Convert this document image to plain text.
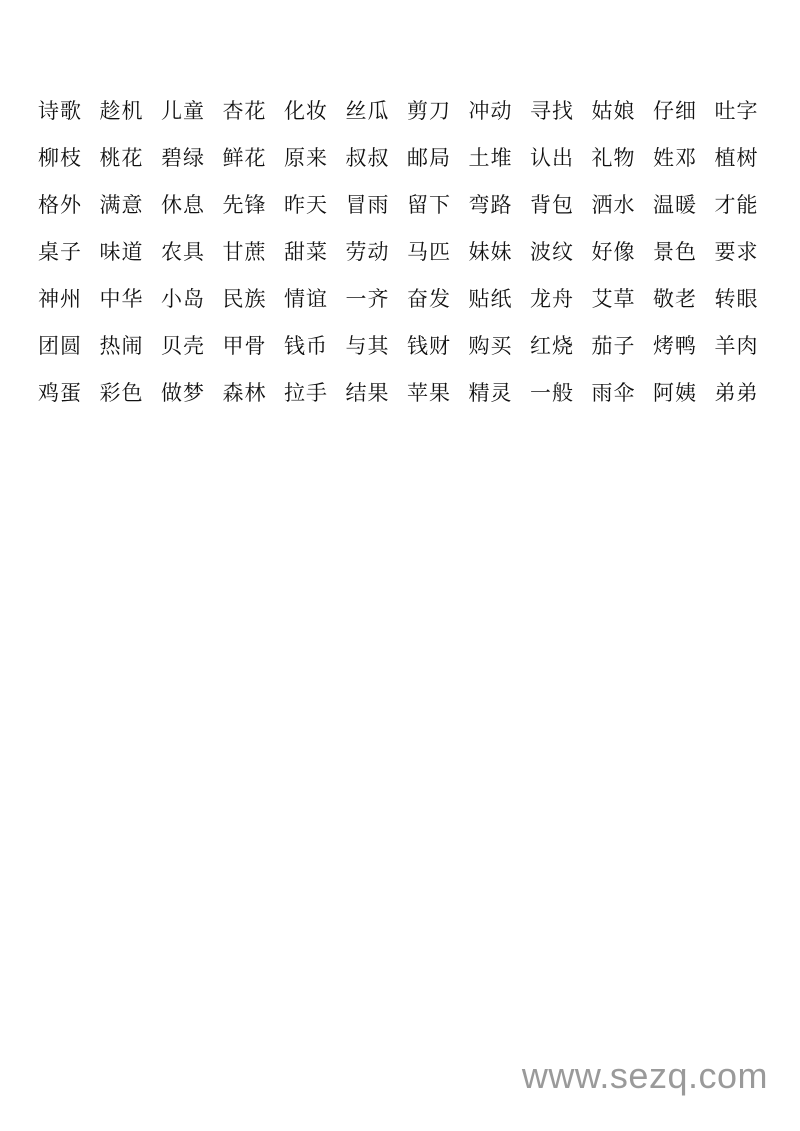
诗歌 趁机 儿童 杏花 化妆 丝瓜 剪刀 冲动 寻找 姑娘 仔细 吐字
柳枝 桃花 碧绿 鲜花 原来 叔叔 邮局 土堆 认出 礼物 姓邓 植树
格外 满意 休息 先锋 昨天 冒雨 留下 弯路 背包 洒水 温暖 才能
桌子 味道 农具 甘蔗 甜菜 劳动 马匹 妹妹 波纹 好像 景色 要求
神州 中华 小岛 民族 情谊 一齐 奋发 贴纸 龙舟 艾草 敬老 转眼
团圆 热闹 贝壳 甲骨 钱币 与其 钱财 购买 红烧 茄子 烤鸭 羊肉
鸡蛋 彩色 做梦 森林 拉手 结果 苹果 精灵 一般 雨伞 阿姨 弟弟
www.sezq.com
